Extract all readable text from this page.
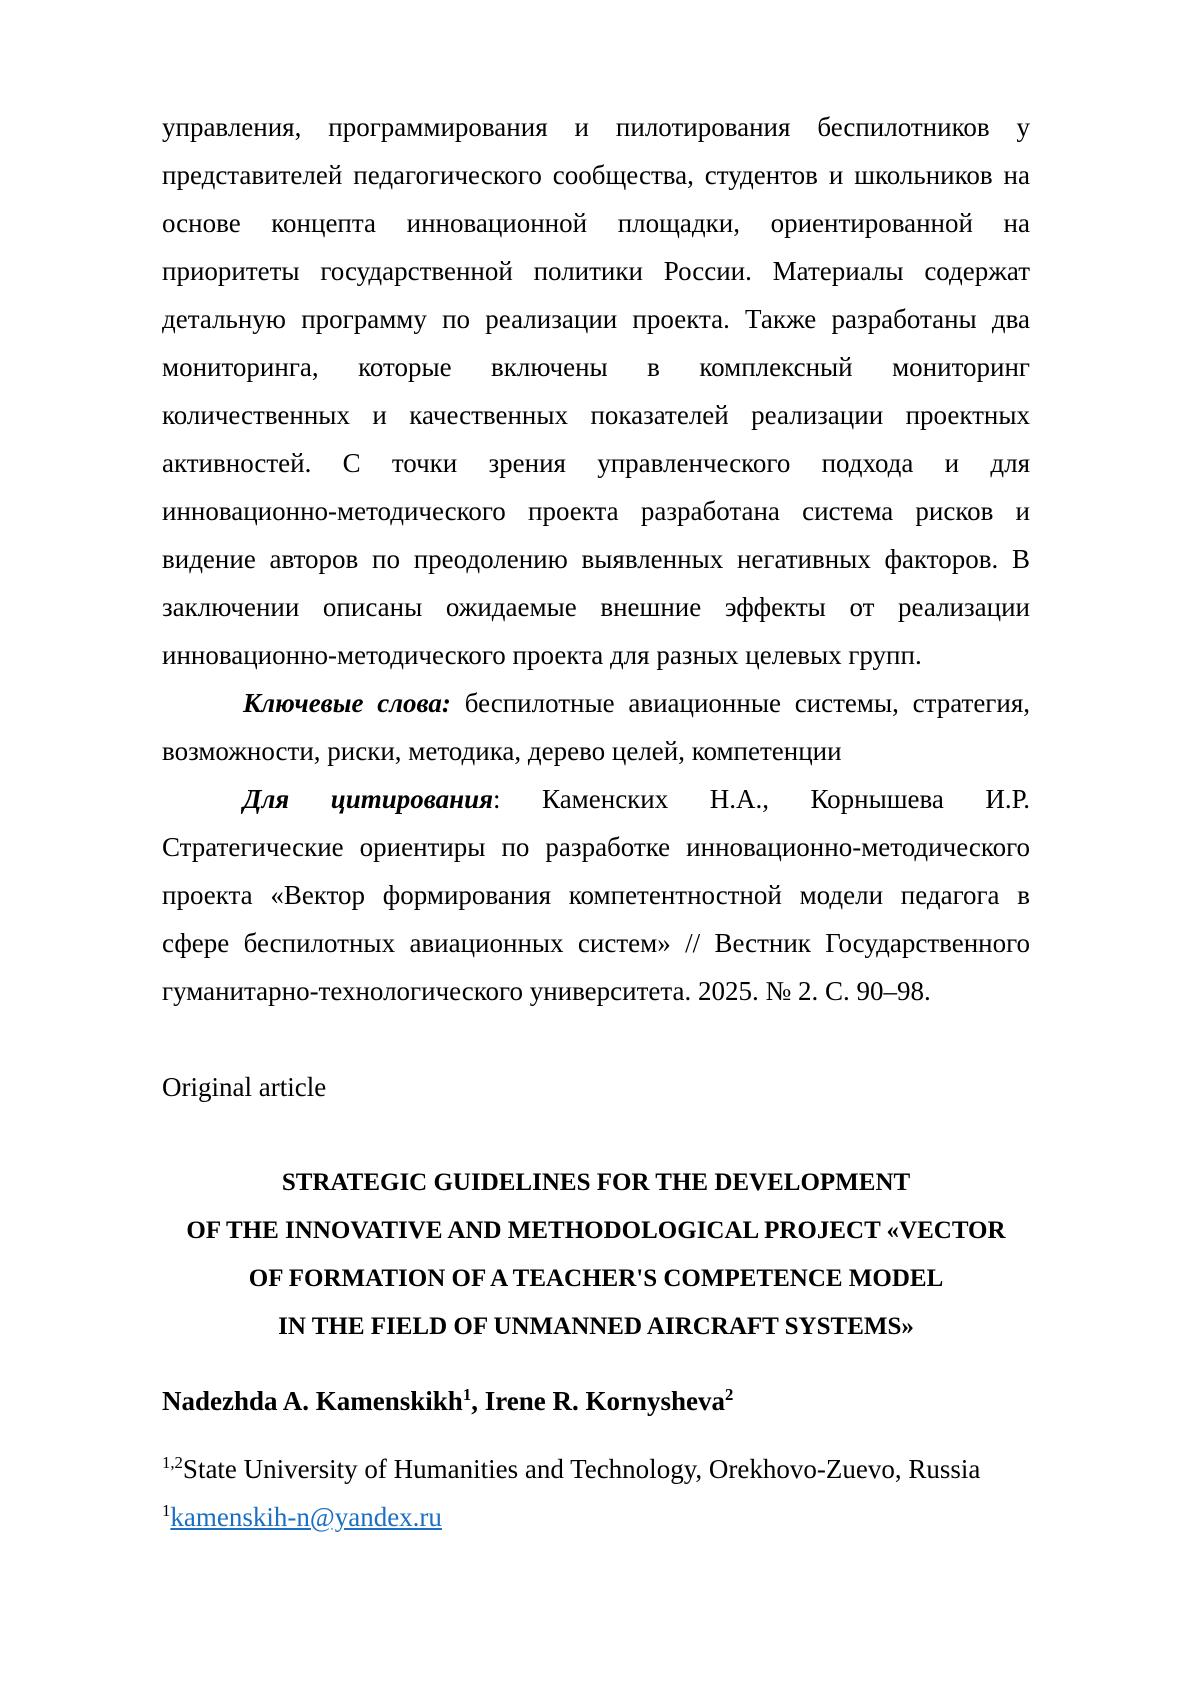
управления, программирования и пилотирования беспилотников у представителей педагогического сообщества, студентов и школьников на основе концепта инновационной площадки, ориентированной на приоритеты государственной политики России. Материалы содержат детальную программу по реализации проекта. Также разработаны два мониторинга, которые включены в комплексный мониторинг количественных и качественных показателей реализации проектных активностей. С точки зрения управленческого подхода и для инновационно-методического проекта разработана система рисков и видение авторов по преодолению выявленных негативных факторов. В заключении описаны ожидаемые внешние эффекты от реализации инновационно-методического проекта для разных целевых групп.

Ключевые слова: беспилотные авиационные системы, стратегия, возможности, риски, методика, дерево целей, компетенции

Для цитирования: Каменских Н.А., Корнышева И.Р. Стратегические ориентиры по разработке инновационно-методического проекта «Вектор формирования компетентностной модели педагога в сфере беспилотных авиационных систем» // Вестник Государственного гуманитарно-технологического университета. 2025. № 2. С. 90–98.

Original article

STRATEGIC GUIDELINES FOR THE DEVELOPMENT
OF THE INNOVATIVE AND METHODOLOGICAL PROJECT «VECTOR
OF FORMATION OF A TEACHER'S COMPETENCE MODEL
IN THE FIELD OF UNMANNED AIRCRAFT SYSTEMS»

Nadezhda A. Kamenskikh$^1$, Irene R. Kornysheva$^2$

$^{1,2}$State University of Humanities and Technology, Orekhovo-Zuevo, Russia

$^1$kamenskih-n@yandex.ru
